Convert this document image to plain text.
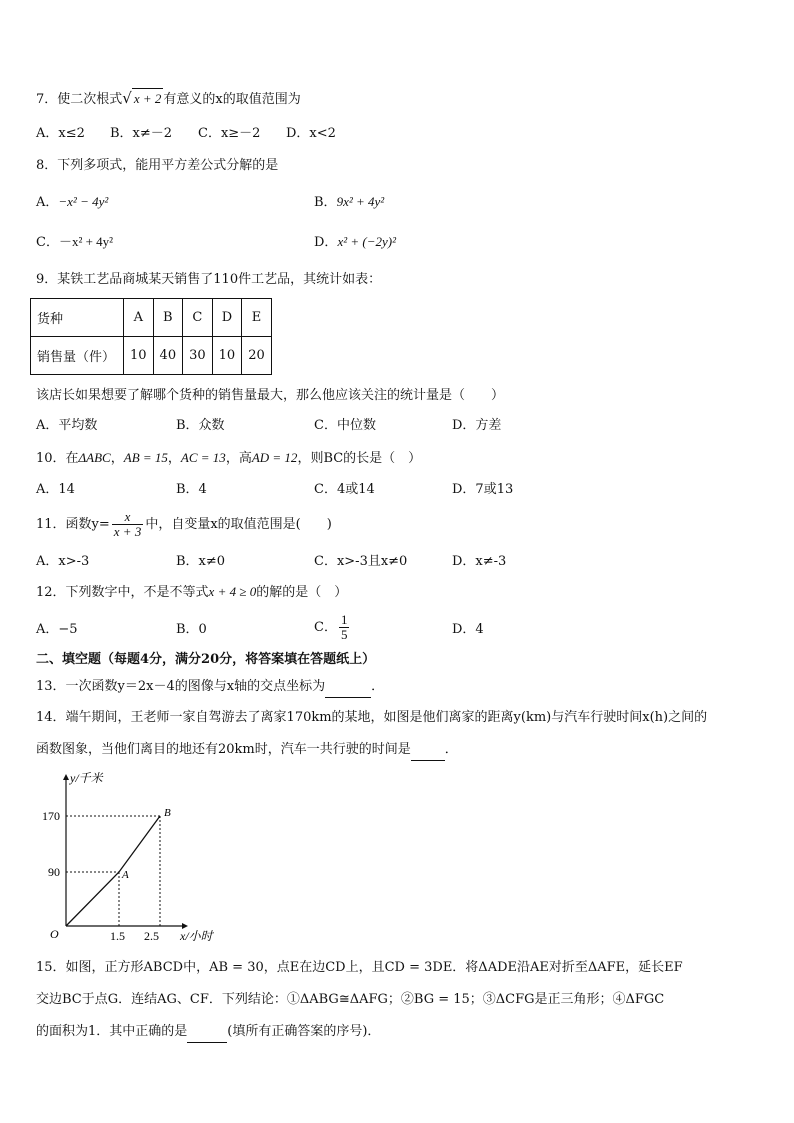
7．使二次根式√ x + 2 有意义的x的取值范围为
A．x≤2 B．x≠－2 C．x≥－2 D．x<2
8．下列多项式，能用平方差公式分解的是
A．−x² − 4y²	B．9x² + 4y²
C．－x² + 4y²	D．x² + (−2y)²
9．某铁工艺品商城某天销售了110件工艺品，其统计如表：
货种	A	B	C	D	E
销售量（件）	10	40	30	10	20
该店长如果想要了解哪个货种的销售量最大，那么他应该关注的统计量是（　　）
A．平均数	B．众数	C．中位数	D．方差
10．在ΔABC，AB = 15，AC = 13，高AD = 12，则BC的长是（　）
A．14	B．4	C．4或14	D．7或13
11．函数$y= \frac{x}{x + 3}$ 中，自变量x的取值范围是(　　)
A．x>-3	B．x≠0	C．x>-3且x≠0	D．x≠-3
12．下列数字中，不是不等式x + 4 ≥ 0的解的是（　）
A．−5	B．0	C． $\frac{1}{5}$	D．4
二、填空题（每题4分，满分20分，将答案填在答题纸上）
13．一次函数y＝2x－4的图像与x轴的交点坐标为	．
14．端午期间，王老师一家自驾游去了离家170km的某地，如图是他们离家的距离y(km)与汽车行驶时间x(h)之间的
函数图象，当他们离目的地还有20km时，汽车一共行驶的时间是	．
y/千米
x/小时
O
A
B
170
90
1.5 2.5
15．如图，正方形ABCD中，AB = 30，点E在边CD上，且CD = 3DE．将ΔADE沿AE对折至ΔAFE，延长EF
交边BC于点G．连结AG、CF．下列结论：①ΔABG≅ΔAFG；②BG = 15；③ΔCFG是正三角形；④ΔFGC
的面积为1．其中正确的是	(填所有正确答案的序号)．
